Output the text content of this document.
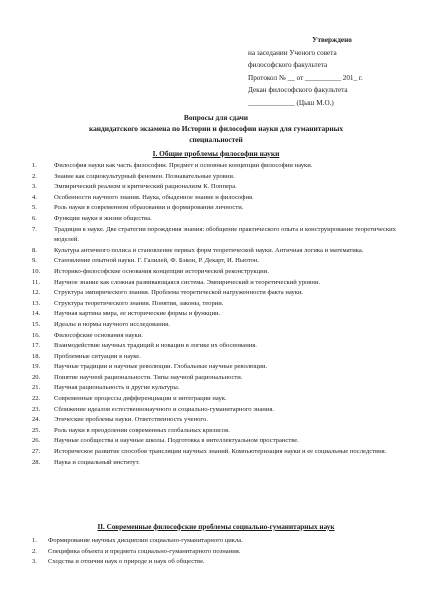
Утверждено
на заседании Ученого совета
философского факультета
Протокол № __ от __________ 201_ г.
Декан философского факультета
_____________ (Цыш М.О.)
Вопросы для сдачи
кандидатского экзамена по Истории и философии науки для гуманитарных
специальностей
I. Общие проблемы философии науки
1.	Философия науки как часть философии. Предмет и основные концепции философии науки.
2.	Знание как социокультурный феномен. Познавательные уровни.
3.	Эмпирический реализм и критический рационализм К. Поппера.
4.	Особенности научного знания. Наука, обыденное знание и философия.
5.	Роль науки в современном образовании и формировании личности.
6.	Функции науки в жизни общества.
7.	Традиция в науке. Две стратегии порождения знания: обобщение практического опыта и конструирование теоретических моделей.
8.	Культура античного полиса и становление первых форм теоретической науки. Античная логика и математика.
9.	Становление опытной науки. Г. Галилей, Ф. Бэкон, Р. Декарт, И. Ньютон.
10.	Историко-философские основания концепции исторической реконструкции.
11.	Научное знание как сложная развивающаяся система. Эмпирический и теоретический уровни.
12.	Структура эмпирического знания. Проблема теоретической нагруженности факта науки.
13.	Структура теоретического знания. Понятия, законы, теории.
14.	Научная картина мира, ее исторические формы и функции.
15.	Идеалы и нормы научного исследования.
16.	Философские основания науки.
17.	Взаимодействие научных традиций и новации в логике их обоснования.
18.	Проблемные ситуации в науке.
19.	Научные традиции и научные революции. Глобальные научные революции.
20.	Понятие научной рациональности. Типы научной рациональности.
21.	Научная рациональность и другие культуры.
22.	Современные процессы дифференциации и интеграции наук.
23.	Сближение идеалов естественнонаучного и социально-гуманитарного знания.
24.	Этические проблемы науки. Ответственность ученого.
25.	Роль науки в преодолении современных глобальных кризисов.
26.	Научные сообщества и научные школы. Подготовка в интеллектуальном пространстве.
27.	Историческое развитие способов трансляции научных знаний. Компьютеризация науки и ее социальные последствия.
28.	Наука и социальный институт.
II. Современные философские проблемы социально-гуманитарных наук
1.	Формирование научных дисциплин социально-гуманитарного цикла.
2.	Специфика объекта и предмета социально-гуманитарного познания.
3.	Сходства и отличия наук о природе и наук об обществе.
